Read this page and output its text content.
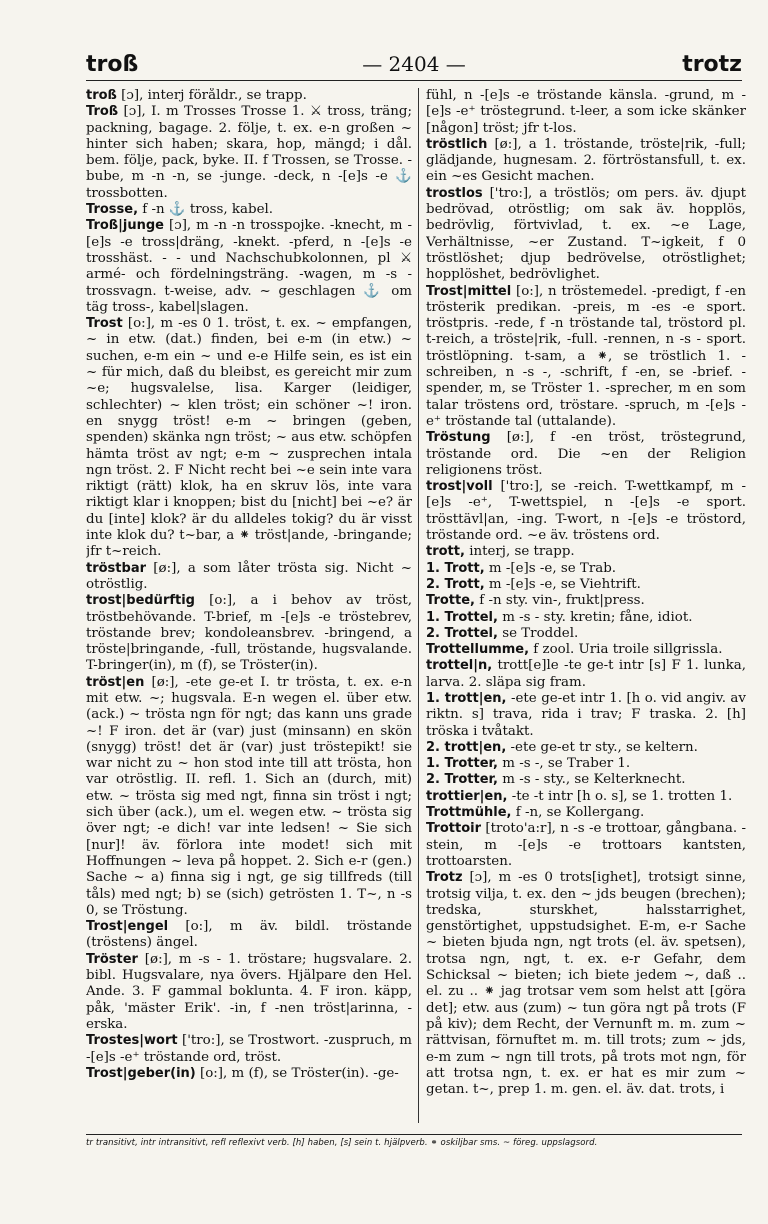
troß	— 2404 —	trotz
troß [ɔ], interj föråldr., se trapp.
Troß [ɔ], I. m Trosses Trosse 1. ⚔ tross, träng; packning, bagage. 2. följe, t. ex. e-n großen ~ hinter sich haben; skara, hop, mängd; i dål. bem. följe, pack, byke. II. f Trossen, se Trosse. -bube, m -n -n, se -junge. -deck, n -[e]s -e ⚓ trossbotten.
Trosse, f -n ⚓ tross, kabel.
Troß|junge [ɔ], m -n -n trosspojke. -knecht, m -[e]s -e tross|dräng, -knekt. -pferd, n -[e]s -e trosshäst. - - und Nachschubkolonnen, pl ⚔ armé- och fördelningsträng. -wagen, m -s - trossvagn. t-weise, adv. ~ geschlagen ⚓ om täg tross-, kabel|slagen.
Trost [o:], m -es 0 1. tröst, t. ex. ~ empfangen, ~ in etw. (dat.) finden, bei e-m (in etw.) ~ suchen, e-m ein ~ und e-e Hilfe sein, es ist ein ~ für mich, daß du bleibst, es gereicht mir zum ~e; hugsvalelse, lisa. Karger (leidiger, schlechter) ~ klen tröst; ein schöner ~! iron. en snygg tröst! e-m ~ bringen (geben, spenden) skänka ngn tröst; ~ aus etw. schöpfen hämta tröst av ngt; e-m ~ zusprechen intala ngn tröst. 2. F Nicht recht bei ~e sein inte vara riktigt (rätt) klok, ha en skruv lös, inte vara riktigt klar i knoppen; bist du [nicht] bei ~e? är du [inte] klok? är du alldeles tokig? du är visst inte klok du? t~bar, a ⁕ tröst|ande, -bringande; jfr t~reich.
tröstbar [ø:], a som låter trösta sig. Nicht ~ otröstlig.
trost|bedürftig [o:], a i behov av tröst, tröstbehövande. T-brief, m -[e]s -e tröstebrev, tröstande brev; kondoleansbrev. -bringend, a tröste|bringande, -full, tröstande, hugsvalande. T-bringer(in), m (f), se Tröster(in).
tröst|en [ø:], -ete ge-et I. tr trösta, t. ex. e-n mit etw. ~; hugsvala. E-n wegen el. über etw. (ack.) ~ trösta ngn för ngt; das kann uns grade ~! F iron. det är (var) just (minsann) en skön (snygg) tröst! det är (var) just tröstерikt! sie war nicht zu ~ hon stod inte till att trösta, hon var otröstlig. II. refl. 1. Sich an (durch, mit) etw. ~ trösta sig med ngt, finna sin tröst i ngt; sich über (ack.), um el. wegen etw. ~ trösta sig över ngt; -e dich! var inte ledsen! ~ Sie sich [nur]! äv. förlora inte modet! sich mit Hoffnungen ~ leva på hoppet. 2. Sich e-r (gen.) Sache ~ a) finna sig i ngt, ge sig tillfreds (till tåls) med ngt; b) se (sich) getrösten 1. T~, n -s 0, se Tröstung.
Trost|engel [o:], m äv. bildl. tröstande (tröstens) ängel.
Tröster [ø:], m -s - 1. tröstare; hugsvalare. 2. bibl. Hugsvalare, nya övers. Hjälpare den Hel. Ande. 3. F gammal boklunta. 4. F iron. käpp, påk, 'mäster Erik'. -in, f -nen tröst|arinna, -erska.
Trostes|wort ['tro:], se Trostwort. -zuspruch, m -[e]s -e⁺ tröstande ord, tröst.
Trost|geber(in) [o:], m (f), se Tröster(in). -ge-
fühl, n -[e]s -e tröstande känsla. -grund, m -[e]s -e⁺ tröstegrund. t-leer, a som icke skänker [någon] tröst; jfr t-los.
tröstlich [ø:], a 1. tröstande, tröste|rik, -full; glädjande, hugnesam. 2. förtröstansfull, t. ex. ein ~es Gesicht machen.
trostlos ['tro:], a tröstlös; om pers. äv. djupt bedrövad, otröstlig; om sak äv. hopplös, bedrövlig, förtvivlad, t. ex. ~e Lage, Verhältnisse, ~er Zustand. T~igkeit, f 0 tröstlöshet; djup bedrövelse, otröstlighet; hopplöshet, bedrövlighet.
Trost|mittel [o:], n tröstemedel. -predigt, f -en trösterik predikan. -preis, m -es -e sport. tröstpris. -rede, f -n tröstande tal, tröstord pl. t-reich, a tröste|rik, -full. -rennen, n -s - sport. tröstlöpning. t-sam, a ⁕, se tröstlich 1. -schreiben, n -s -, -schrift, f -en, se -brief. -spender, m, se Tröster 1. -sprecher, m en som talar tröstens ord, tröstare. -spruch, m -[e]s -e⁺ tröstande tal (uttalande).
Tröstung [ø:], f -en tröst, tröstegrund, tröstande ord. Die ~en der Religion religionens tröst.
trost|voll ['tro:], se -reich. T-wettkampf, m -[e]s -e⁺, T-wettspiel, n -[e]s -e sport. trösttävl|an, -ing. T-wort, n -[e]s -e tröstord, tröstande ord. ~e äv. tröstens ord.
trott, interj, se trapp.
1. Trott, m -[e]s -e, se Trab.
2. Trott, m -[e]s -e, se Viehtrift.
Trotte, f -n sty. vin-, frukt|press.
1. Trottel, m -s - sty. kretin; fåne, idiot.
2. Trottel, se Troddel.
Trottellumme, f zool. Uria troile sillgrissla.
trottel|n, trott[e]le -te ge-t intr [s] F 1. lunka, larva. 2. släpa sig fram.
1. trott|en, -ete ge-et intr 1. [h o. vid angiv. av riktn. s] trava, rida i trav; F traska. 2. [h] tröska i tvåtakt.
2. trott|en, -ete ge-et tr sty., se keltern.
1. Trotter, m -s -, se Traber 1.
2. Trotter, m -s - sty., se Kelterknecht.
trottier|en, -te -t intr [h o. s], se 1. trotten 1.
Trottmühle, f -n, se Kollergang.
Trottoir [troto'a:r], n -s -e trottoar, gångbana. -stein, m -[e]s -e trottoars kantsten, trottoarsten.
Trotz [ɔ], m -es 0 trots[ighet], trotsigt sinne, trotsig vilja, t. ex. den ~ jds beugen (brechen); tredska, sturskhet, halsstarrighet, genstörtighet, uppstudsighet. E-m, e-r Sache ~ bieten bjuda ngn, ngt trots (el. äv. spetsen), trotsa ngn, ngt, t. ex. e-r Gefahr, dem Schicksal ~ bieten; ich biete jedem ~, daß .. el. zu .. ⁕ jag trotsar vem som helst att [göra det]; etw. aus (zum) ~ tun göra ngt på trots (F på kiv); dem Recht, der Vernunft m. m. zum ~ rättvisan, förnuftet m. m. till trots; zum ~ jds, e-m zum ~ ngn till trots, på trots mot ngn, för att trotsa ngn, t. ex. er hat es mir zum ~ getan. t~, prep 1. m. gen. el. äv. dat. trots, i
tr transitivt, intr intransitivt, refl reflexivt verb. [h] haben, [s] sein t. hjälpverb. ⚭ oskiljbar sms. ~ föreg. uppslagsord.
